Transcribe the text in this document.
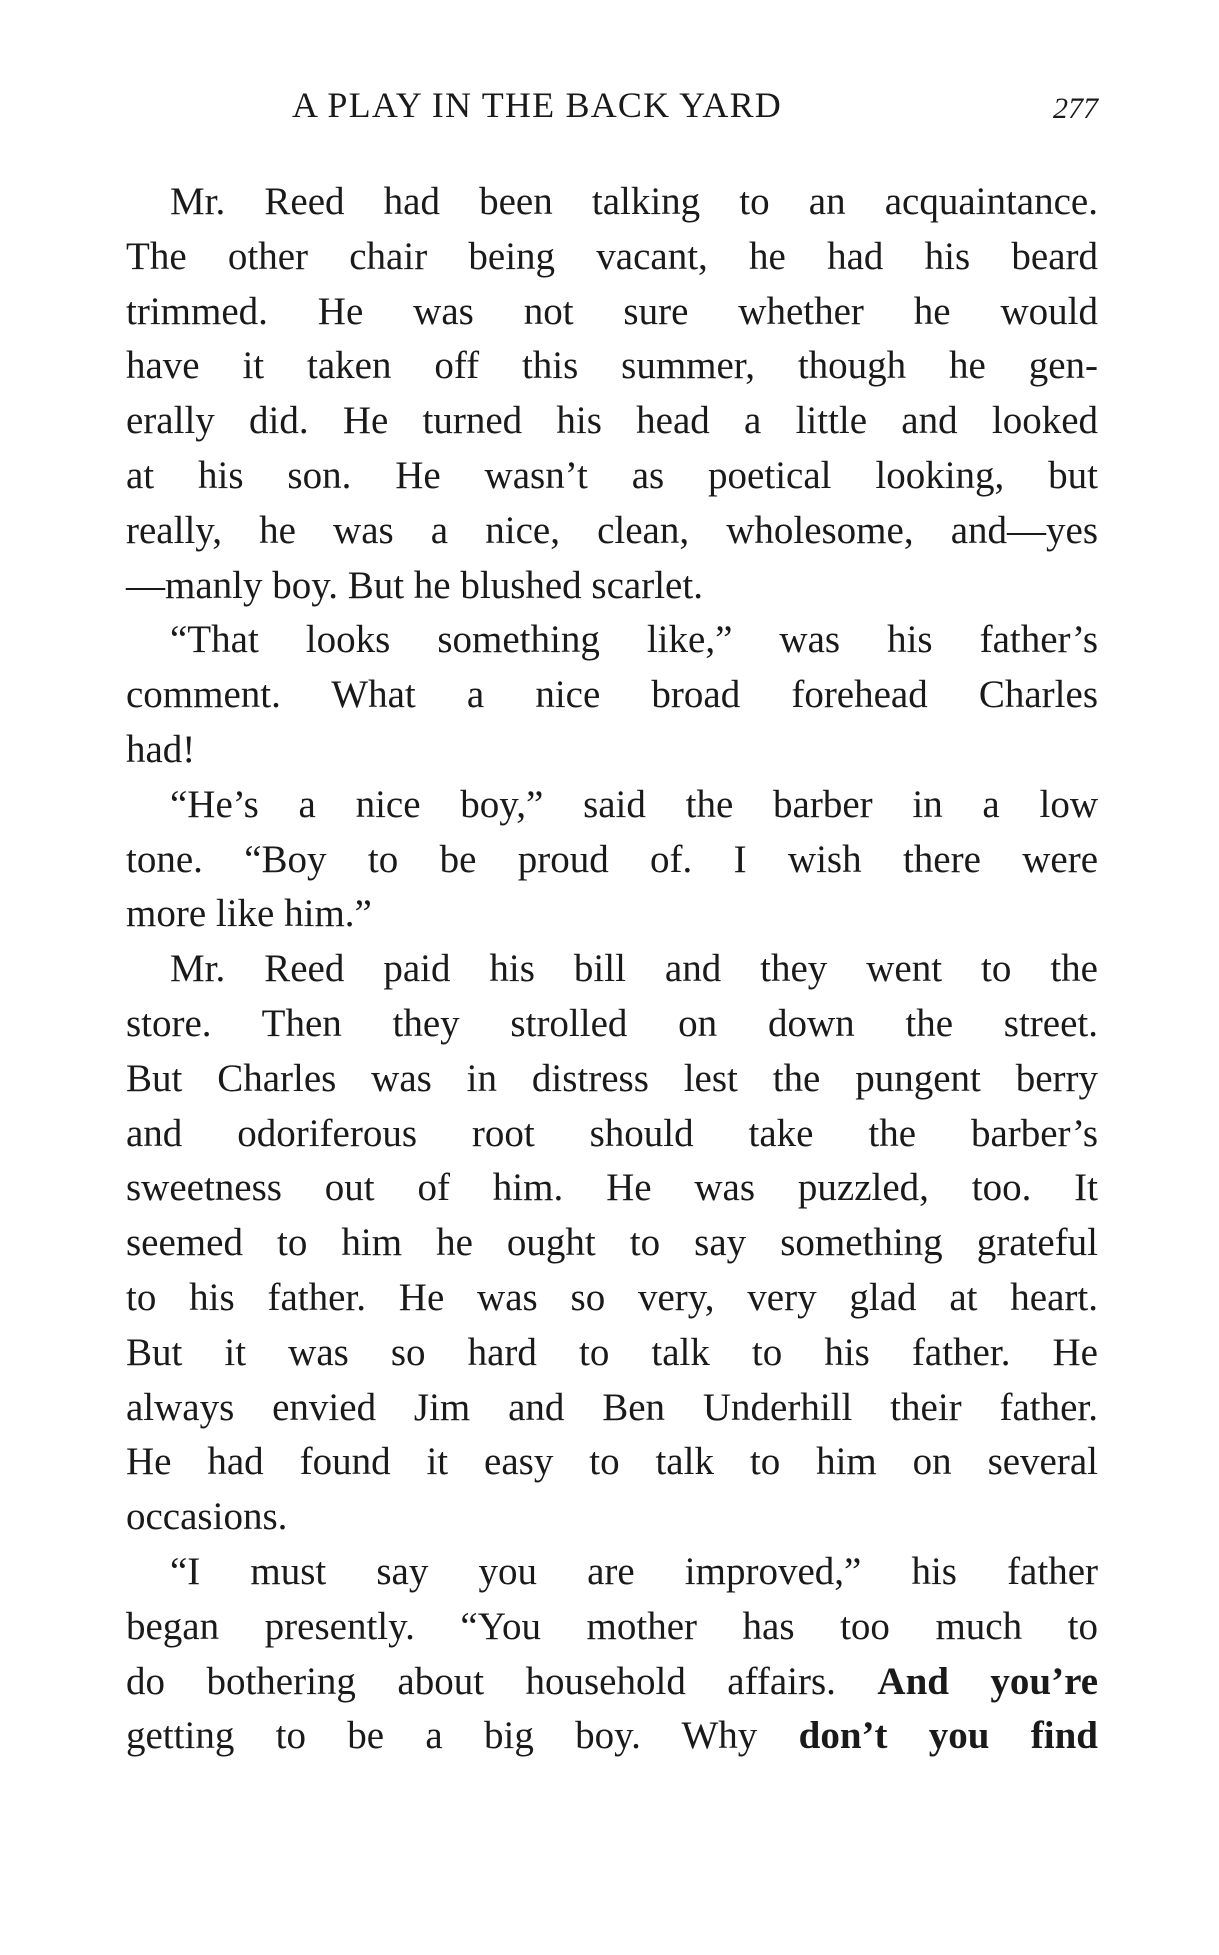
A PLAY IN THE BACK YARD	277
Mr. Reed had been talking to an acquaintance.
The other chair being vacant, he had his beard
trimmed. He was not sure whether he would
have it taken off this summer, though he gen-
erally did. He turned his head a little and looked
at his son. He wasn’t as poetical looking, but
really, he was a nice, clean, wholesome, and—yes
—manly boy. But he blushed scarlet.
“That looks something like,” was his father’s
comment. What a nice broad forehead Charles
had!
“He’s a nice boy,” said the barber in a low
tone. “Boy to be proud of. I wish there were
more like him.”
Mr. Reed paid his bill and they went to the
store. Then they strolled on down the street.
But Charles was in distress lest the pungent berry
and odoriferous root should take the barber’s
sweetness out of him. He was puzzled, too. It
seemed to him he ought to say something grateful
to his father. He was so very, very glad at heart.
But it was so hard to talk to his father. He
always envied Jim and Ben Underhill their father.
He had found it easy to talk to him on several
occasions.
“I must say you are improved,” his father
began presently. “You mother has too much to
do bothering about household affairs. And you’re
getting to be a big boy. Why don’t you find
